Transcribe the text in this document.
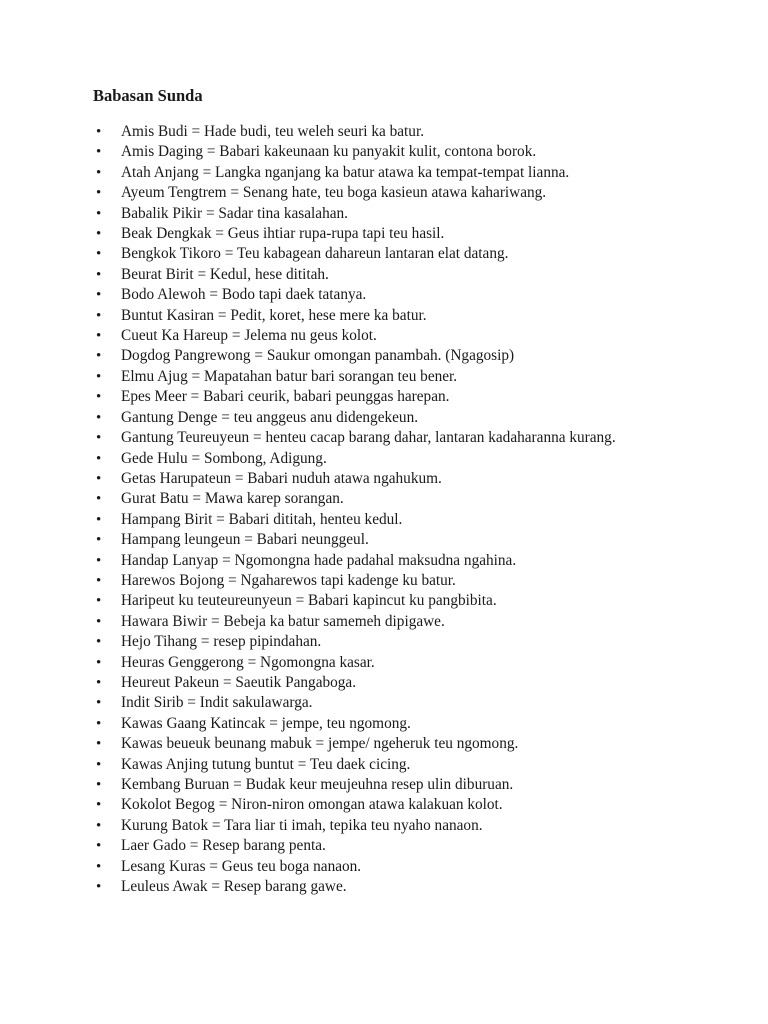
Babasan Sunda
• Amis Budi = Hade budi, teu weleh seuri ka batur.
• Amis Daging = Babari kakeunaan ku panyakit kulit, contona borok.
• Atah Anjang = Langka nganjang ka batur atawa ka tempat-tempat lianna.
• Ayeum Tengtrem = Senang hate, teu boga kasieun atawa kahariwang.
• Babalik Pikir = Sadar tina kasalahan.
• Beak Dengkak = Geus ihtiar rupa-rupa tapi teu hasil.
• Bengkok Tikoro = Teu kabagean dahareun lantaran elat datang.
• Beurat Birit = Kedul, hese dititah.
• Bodo Alewoh = Bodo tapi daek tatanya.
• Buntut Kasiran = Pedit, koret, hese mere ka batur.
• Cueut Ka Hareup = Jelema nu geus kolot.
• Dogdog Pangrewong = Saukur omongan panambah. (Ngagosip)
• Elmu Ajug = Mapatahan batur bari sorangan teu bener.
• Epes Meer = Babari ceurik, babari peunggas harepan.
• Gantung Denge = teu anggeus anu didengekeun.
• Gantung Teureuyeun = henteu cacap barang dahar, lantaran kadaharanna kurang.
• Gede Hulu = Sombong, Adigung.
• Getas Harupateun = Babari nuduh atawa ngahukum.
• Gurat Batu = Mawa karep sorangan.
• Hampang Birit = Babari dititah, henteu kedul.
• Hampang leungeun = Babari neunggeul.
• Handap Lanyap = Ngomongna hade padahal maksudna ngahina.
• Harewos Bojong = Ngaharewos tapi kadenge ku batur.
• Haripeut ku teuteureunyeun = Babari kapincut ku pangbibita.
• Hawara Biwir = Bebeja ka batur samemeh dipigawe.
• Hejo Tihang = resep pipindahan.
• Heuras Genggerong = Ngomongna kasar.
• Heureut Pakeun = Saeutik Pangaboga.
• Indit Sirib = Indit sakulawarga.
• Kawas Gaang Katincak = jempe, teu ngomong.
• Kawas beueuk beunang mabuk = jempe/ ngeheruk teu ngomong.
• Kawas Anjing tutung buntut = Teu daek cicing.
• Kembang Buruan = Budak keur meujeuhna resep ulin diburuan.
• Kokolot Begog = Niron-niron omongan atawa kalakuan kolot.
• Kurung Batok = Tara liar ti imah, tepika teu nyaho nanaon.
• Laer Gado = Resep barang penta.
• Lesang Kuras = Geus teu boga nanaon.
• Leuleus Awak = Resep barang gawe.
